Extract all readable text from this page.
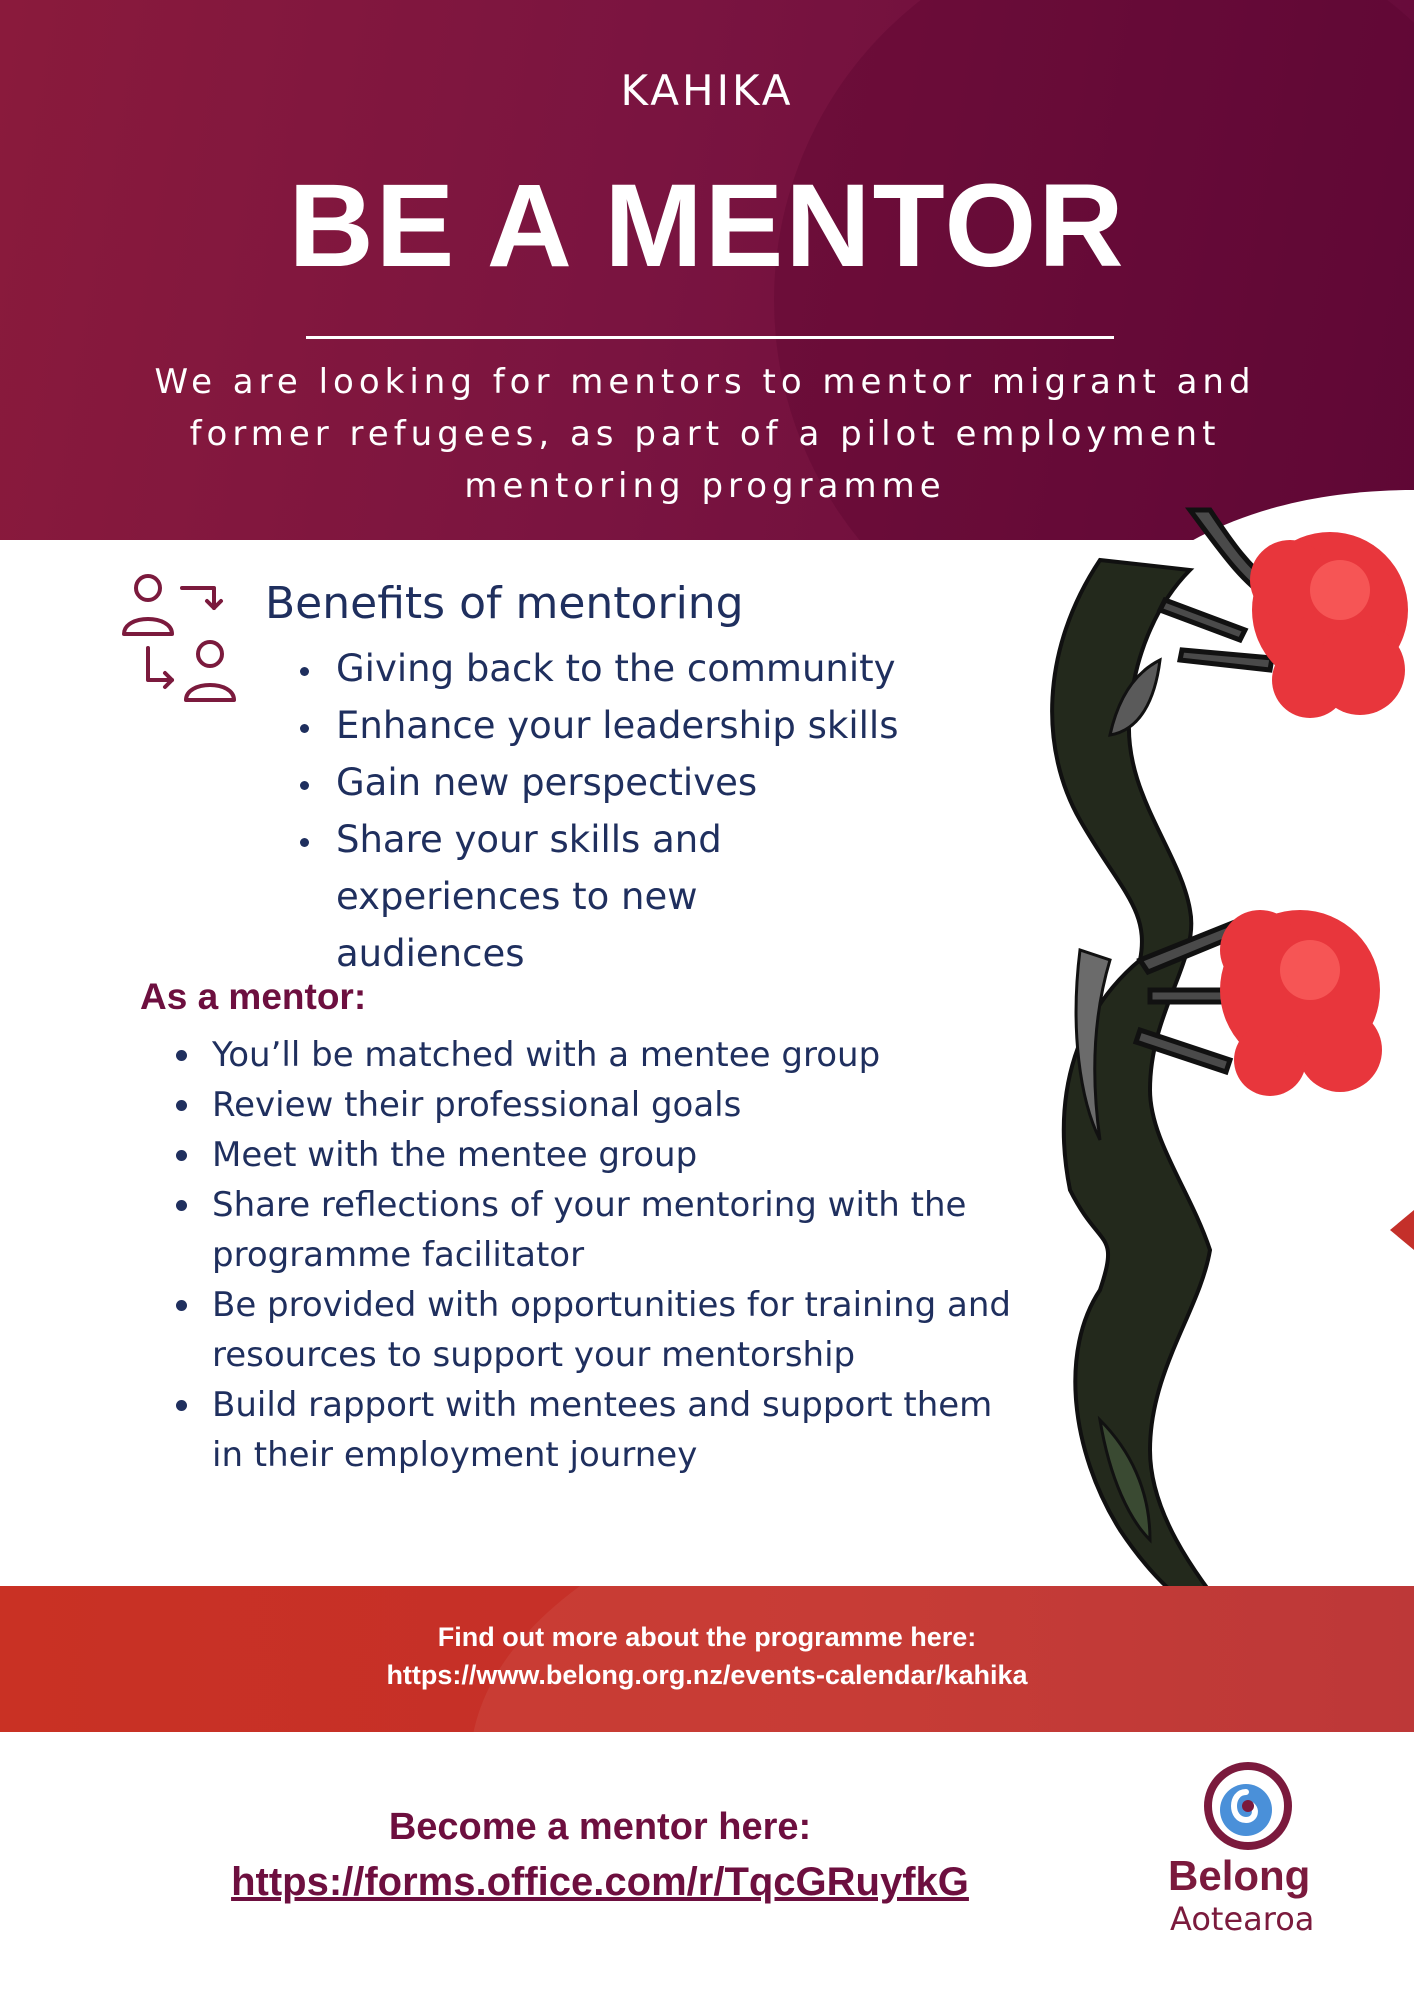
KAHIKA
BE A MENTOR
We are looking for mentors to mentor migrant and former refugees, as part of a pilot employment mentoring programme
Benefits of mentoring
Giving back to the community
Enhance your leadership skills
Gain new perspectives
Share your skills and experiences to new audiences
As a mentor:
You’ll be matched with a mentee group
Review their professional goals
Meet with the mentee group
Share reflections of your mentoring with the programme facilitator
Be provided with opportunities for training and resources to support your mentorship
Build rapport with mentees and support them in their employment journey
Find out more about the programme here:
https://www.belong.org.nz/events-calendar/kahika
Become a mentor here:
https://forms.office.com/r/TqcGRuyfkG	Belong
Aotearoa
